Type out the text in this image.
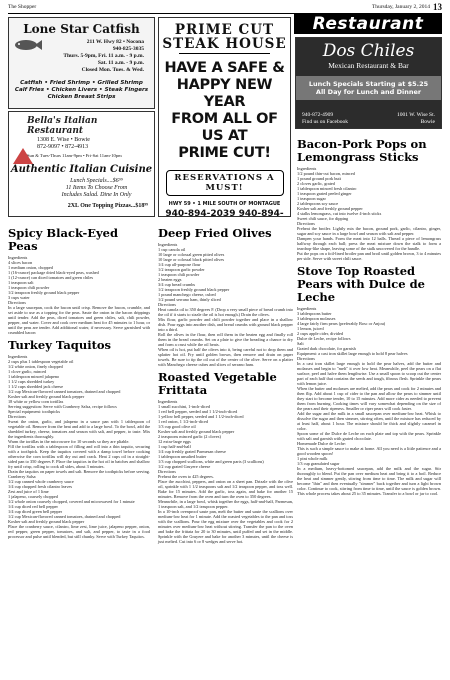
The Shopper	Thursday, January 2, 2014 13
Restaurant
Lone Star Catfish
211 W. Hwy 82 • Nocona
940-825-3035
Thurs. 5-9pm, Fri. 11 a.m. - 9 p.m.
Sat. 11 a.m. - 9 p.m.
Closed Mon. Tues. & Wed.
Catfish • Fried Shrimp • Grilled Shrimp
Calf Fries • Chicken Livers • Steak Fingers
Chicken Breast Strips
Bella's Italian Restaurant
1308 E. Wise • Bowie
872-9097 • 872-4913
Sun & Tues-Thurs 11am-9pm • Fri-Sat 11am-10pm
Authentic Italian Cuisine
Lunch Specials....$6⁹⁹
11 Items To Choose From
Includes Salad. Dine In Only
2XL One Topping Pizzas...$18⁹⁹
PRIME CUT
STEAK HOUSE
HAVE A SAFE &
HAPPY NEW YEAR
FROM ALL OF US AT
PRIME CUT!
RESERVATIONS A MUST!
HWY 59 • 1 MILE SOUTH OF MONTAGUE
940-894-2039 940-894-
Dos Chiles
Mexican Restaurant & Bar
Lunch Specials Starting at $5.25
All Day for Lunch and Dinner
940-872-4909
Find us on Facebook
1001 W. Wise St.
Bowie
Spicy Black-Eyed Peas

Ingredients

4 slices bacon

1 medium onion, chopped

1 (16-ounce) package dried black-eyed peas, washed

1 (12-ounce) can diced tomatoes and green chiles

1 teaspoon salt

1 teaspoon chili powder

1/2 teaspoon freshly ground black pepper

3 cups water

Directions

In a large saucepan, cook the bacon until crisp. Remove the bacon, crumble, and set aside to use as a topping for the peas. Saute the onion in the bacon drippings until tender. Add the peas, diced tomatoes and green chiles, salt, chili powder, pepper, and water. Cover and cook over medium heat for 45 minutes to 1 hour, or until the peas are tender. Add additional water, if necessary. Serve garnished with crumbled bacon

Turkey Taquitos

Ingredients

2 cups plus 1 tablespoon vegetable oil

1/2 white onion, finely chopped

1 clove garlic, minced

1 tablespoon minced jalapeno

1 1/2 cups shredded turkey

1 1/2 cups shredded jack cheese

1/2 cup Mexican-flavored canned tomatoes, drained and chopped

Kosher salt and freshly ground black pepper

18 white or yellow corn tortillas

Serving suggestion: Serve with Cranberry Salsa, recipe follows

Special equipment: toothpicks

Directions

Sweat the onion, garlic, and jalapeno in a sauce pan with 1 tablespoon of vegetable oil. Remove from the heat and add to a large bowl. To the bowl, add the shredded turkey, cheese, tomatoes and season with salt, and pepper, to taste. Mix the ingredients thoroughly.

Warm the tortillas in the microwave for 10 seconds so they are pliable.

Fill the tortillas with a tablespoon of filling and roll into a thin taquito, securing with a toothpick. Keep the taquitos covered with a damp towel before cooking otherwise the corn tortillas will dry out and crack. Heat 2 cups oil in a straight-sided pan to 350 degrees F. Place the taquitos in the hot oil in batches and shallow fry until crisp, rolling to cook all sides, about 3 minutes.

Drain the taquitos on paper towels and salt. Remove the toothpicks before serving.

Cranberry Salsa

1/2 cup canned whole cranberry sauce

1/4 cup chopped fresh cilantro leaves

Zest and juice of 1 lime

1 jalapeno, coarsely chopped

1/2 whole onion coarsely chopped, covered and microwaved for 1 minute

1/4 cup diced red bell pepper

1/4 cup diced green bell pepper

1/2 cup Mexican-flavored canned tomatoes, drained and chopped

Kosher salt and freshly ground black pepper

Place the cranberry sauce, cilantro, lime zest, lime juice, jalapeno pepper, onion, red pepper, green pepper, tomatoes, and salt, and pepper, to taste in a food processor and pulse until blended, but still chunky. Serve with Turkey Taquitos.

Deep Fried Olives

Ingredients

1 cup canola oil

10 large or colossal green pitted olives

10 large or colossal black pitted olives

1/4 cup all-purpose flour

1/2 teaspoon garlic powder

1 teaspoon chili powder

2 beaten eggs

3/4 cup bread crumbs

1/2 teaspoon freshly ground black pepper

1 pound manchego cheese, cubed

1/2 pound serrano ham, thinly sliced

Directions

Heat canola oil to 350 degrees F. (Drop a very small piece of bread crumb into the oil if it starts to sizzle the oil is hot enough.) Drain the olives.

Mix flour, garlic powder and chili powder together and place in a shallow dish. Pour eggs into another dish, and bread crumbs with ground black pepper into a third.

Roll the olives in the flour, then roll them in the beaten egg and finally roll them in the bread crumbs. Set on a plate to give the breading a chance to dry and form a crust while the oil heats.

When oil is hot, put half the olives into it, being careful not to drop them and splatter hot oil. Fry until golden brown, then remove and drain on paper towels. Be sure to tip the oil out of the center of the olive. Serve on a platter with Manchego cheese cubes and slices of serrano ham.

Roasted Vegetable Frittata

Ingredients

1 small zucchini, 1-inch-diced

1 red bell pepper, seeded and 1 1/2-inch-diced

1 yellow bell pepper, seeded and 1 1/2-inch-diced

1 red onion, 1 1/2-inch-diced

1/3 cup good olive oil

Kosher salt and freshly ground black pepper

2 teaspoons minced garlic (2 cloves)

12 extra-large eggs

1 cup half-and-half

1/4 cup freshly grated Parmesan cheese

1 tablespoon unsalted butter

1/3 cup chopped scallions, white and green parts (3 scallions)

1/2 cup grated Gruyere cheese

Directions

Preheat the oven to 425 degrees.

Place the zucchini, peppers, and onion on a sheet pan. Drizzle with the olive oil, sprinkle with 1 1/2 teaspoons salt and 1/2 teaspoon pepper, and toss well. Bake for 15 minutes. Add the garlic, toss again, and bake for another 15 minutes. Remove from the oven and turn the oven to 350 degrees.

Meanwhile, in a large bowl, whisk together the eggs, half-and-half, Parmesan, 1 teaspoon salt, and 1/2 teaspoon pepper.

In a 10-inch ovenproof saute pan, melt the butter and saute the scallions over medium-low heat for 1 minute. Add the roasted vegetables to the pan and toss with the scallions. Pour the egg mixture over the vegetables and cook for 2 minutes over medium-low heat without stirring. Transfer the pan to the oven and bake the frittata for 20 to 30 minutes, until puffed and set in the middle. Sprinkle with the Gruyere and bake for another 3 minutes, until the cheese is just melted. Cut into 6 or 8 wedges and serve hot.

Bacon-Pork Pops on Lemongrass Sticks

Ingredients

1/2 pound thin-cut bacon, minced

1 pound ground pork butt

2 cloves garlic, grated

1 tablespoon minced fresh cilantro

1 teaspoon grated peeled ginger

1 teaspoon sugar

2 tablespoons soy sauce

Kosher salt and freshly ground pepper

4 stalks lemongrass, cut into twelve 4-inch sticks

Sweet chili sauce, for dipping

Directions

Preheat the broiler. Lightly mix the bacon, ground pork, garlic, cilantro, ginger, sugar and soy sauce in a large bowl and season with salt and pepper.

Dampen your hands. Form the meat into 12 balls. Thread a piece of lemongrass halfway through each ball; press the meat mixture down the stalk to form a teardrop-like shape, leaving some of the stalk uncovered for the handle.

Put the pops on a foil-lined broiler pan and broil until golden brown, 3 to 4 minutes per side. Serve with sweet chili sauce.

Stove Top Roasted Pears with Dulce de Leche

Ingredients

3 tablespoons butter

3 tablespoon molasses

4 large fairly firm pears (preferably Bosc or Anjou)

1 lemon, juiced

2 cups apple cider, divided

Dulce de Leche, recipe follows

Salt

Grated dark chocolate, for garnish

Equipment: a cast iron skillet large enough to hold 8 pear halves

Directions

In a cast iron skillet large enough to hold the pear halves, add the butter and molasses and begin to "melt" it over low heat. Meanwhile, peel the pears on a flat surface, peel and halve them lengthwise. Use a small spoon to scoop out the center part of each half that contains the seeds and tough, fibrous flesh. Sprinkle the pears with lemon juice.

When the butter and molasses are melted, add the pears and cook for 2 minutes and then flip. Add about 1 cup of cider to the pan and allow the pears to simmer until they start to become tender, 10 to 15 minutes. Add more cider as needed to prevent them from burning. Cooking times will vary somewhat depending on the size of the pears and their ripeness. Smaller or riper pears will cook faster.

Add the sugar and the milk in a small saucepan over medium-low heat. Whisk to dissolve the sugar and then simmer, stirring often, until the mixture has reduced by at least half, about 1 hour. The mixture should be thick and slightly caramel in color.

Spoon some of the Dulce de Leche on each plate and top with the pears. Sprinkle with salt and garnish with grated chocolate.

Homemade Dulce de Leche:

This is such a simple sauce to make at home. All you need is a little patience and a good wooden spoon!

1 pint whole milk

1/3 cup granulated sugar

In a medium, heavy-bottomed saucepan, add the milk and the sugar. Stir thoroughly to blend. Put the pan over medium heat and bring it to a boil. Reduce the heat and simmer gently, stirring from time to time. The milk and sugar will become "thin" and then eventually "simmer" back together and turn a light brown color. Continue to cook, stirring from time to time, until the sauce is golden brown. This whole process takes about 25 to 35 minutes. Transfer to a bowl or jar to cool.
